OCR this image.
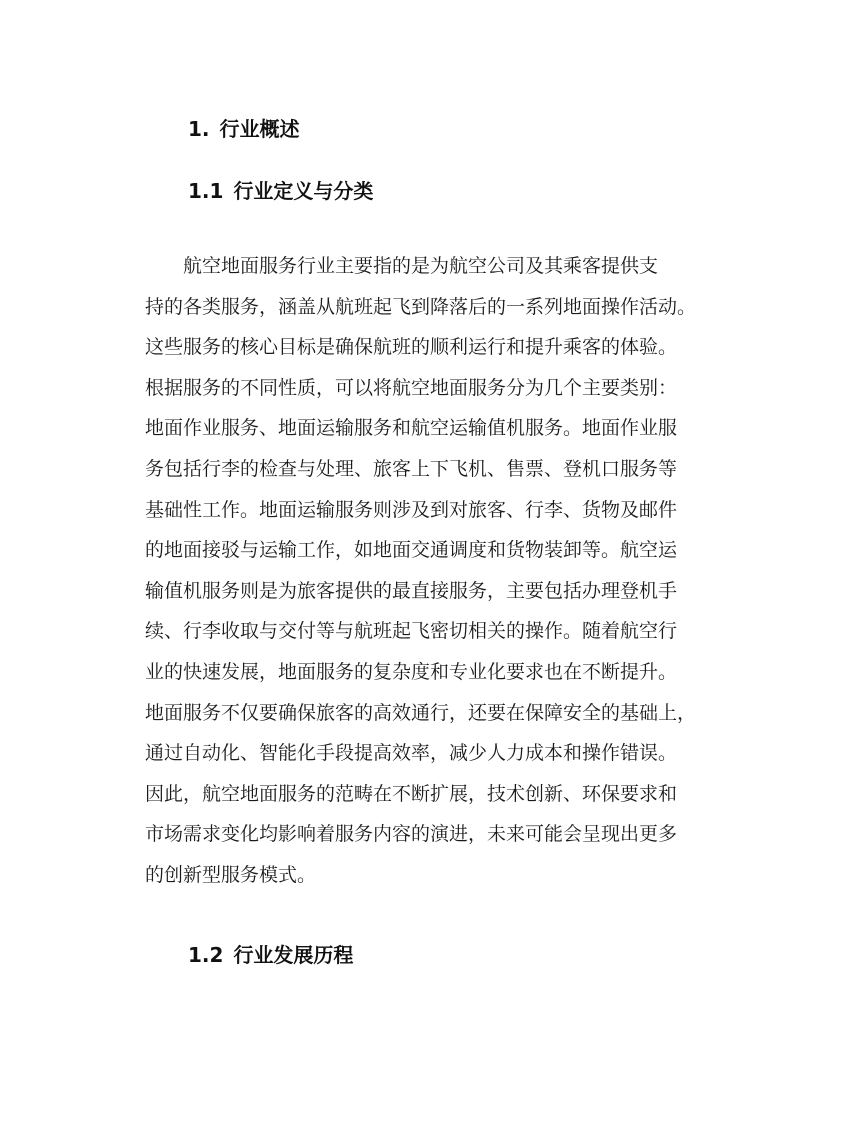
1. 行业概述
1.1 行业定义与分类
航空地面服务行业主要指的是为航空公司及其乘客提供支
持的各类服务，涵盖从航班起飞到降落后的一系列地面操作活动。
这些服务的核心目标是确保航班的顺利运行和提升乘客的体验。
根据服务的不同性质，可以将航空地面服务分为几个主要类别：
地面作业服务、地面运输服务和航空运输值机服务。地面作业服
务包括行李的检查与处理、旅客上下飞机、售票、登机口服务等
基础性工作。地面运输服务则涉及到对旅客、行李、货物及邮件
的地面接驳与运输工作，如地面交通调度和货物装卸等。航空运
输值机服务则是为旅客提供的最直接服务，主要包括办理登机手
续、行李收取与交付等与航班起飞密切相关的操作。随着航空行
业的快速发展，地面服务的复杂度和专业化要求也在不断提升。
地面服务不仅要确保旅客的高效通行，还要在保障安全的基础上，
通过自动化、智能化手段提高效率，减少人力成本和操作错误。
因此，航空地面服务的范畴在不断扩展，技术创新、环保要求和
市场需求变化均影响着服务内容的演进，未来可能会呈现出更多
的创新型服务模式。
1.2 行业发展历程
